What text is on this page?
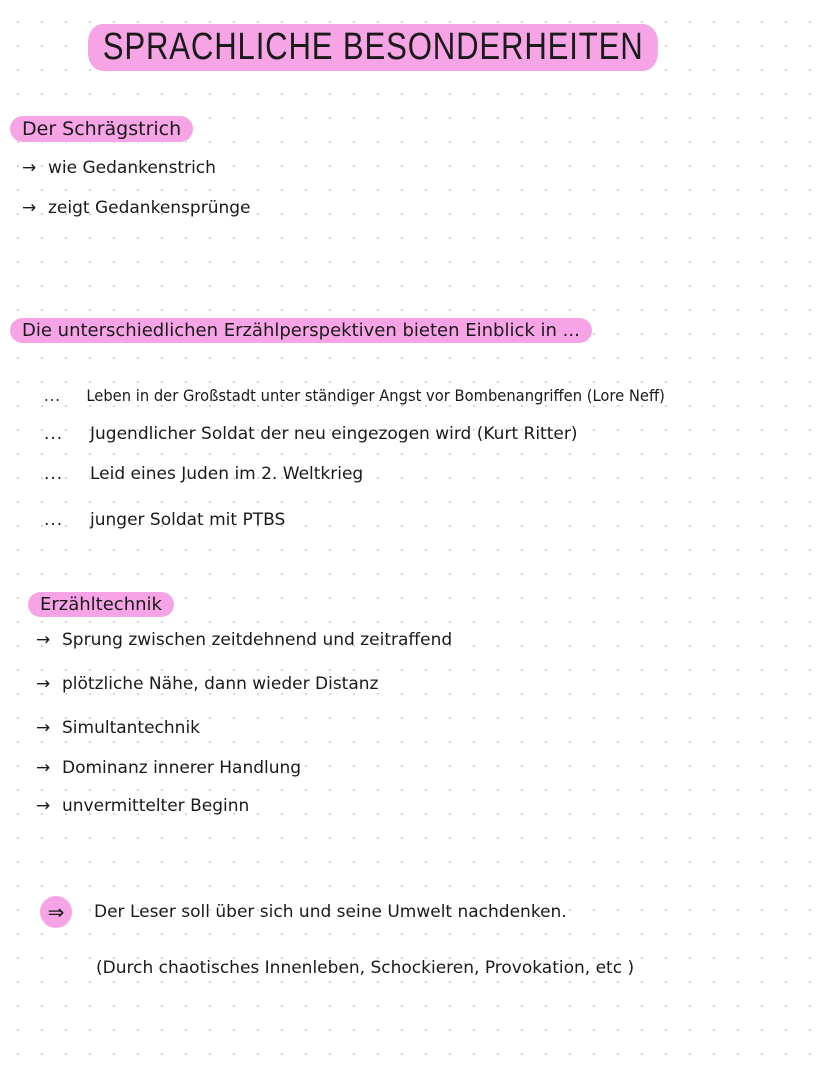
SPRACHLICHE BESONDERHEITEN
Der Schrägstrich
→ wie Gedankenstrich
→ zeigt Gedankensprünge
Die unterschiedlichen Erzählperspektiven bieten Einblick in ...
... Leben in der Großstadt unter ständiger Angst vor Bombenangriffen (Lore Neff)
... Jugendlicher Soldat der neu eingezogen wird (Kurt Ritter)
... Leid eines Juden im 2. Weltkrieg
... junger Soldat mit PTBS
Erzähltechnik
→ Sprung zwischen zeitdehnend und zeitraffend
→ plötzliche Nähe, dann wieder Distanz
→ Simultantechnik
→ Dominanz innerer Handlung
→ unvermittelter Beginn
⇒ Der Leser soll über sich und seine Umwelt nachdenken.
(Durch chaotisches Innenleben, Schockieren, Provokation, etc )
